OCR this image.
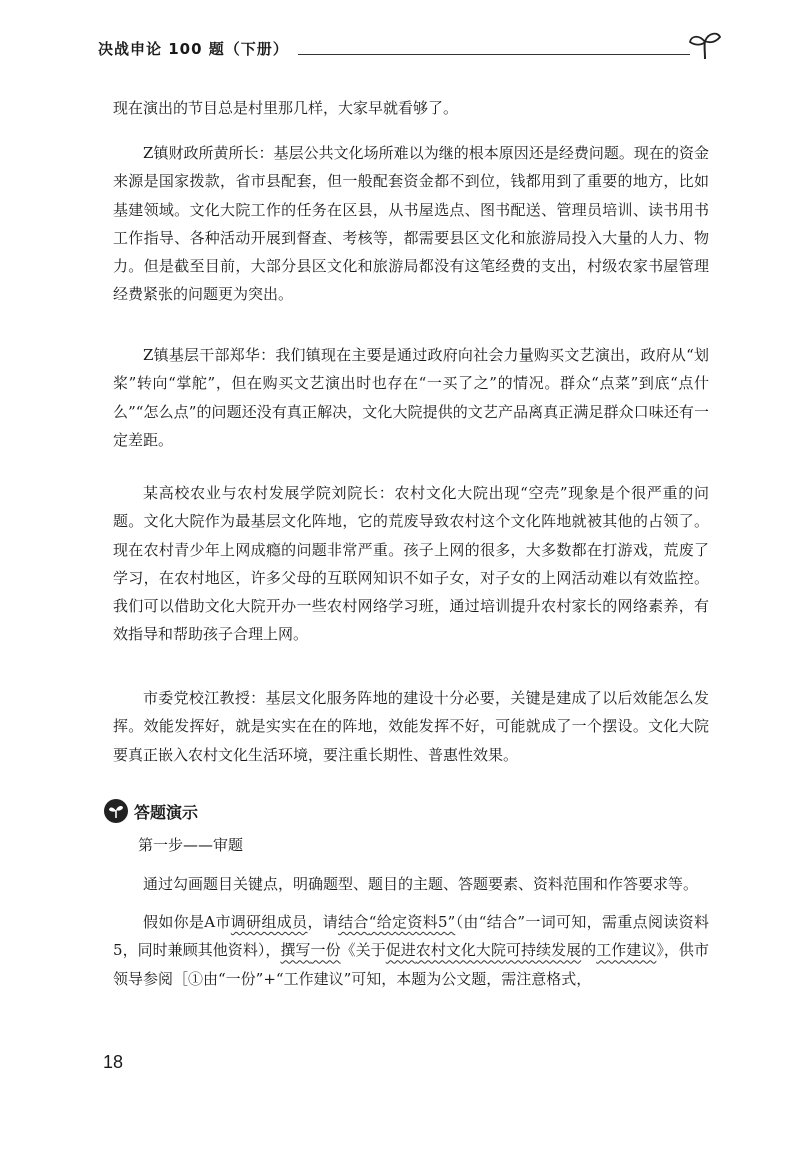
决战申论 100 题（下册）

现在演出的节目总是村里那几样，大家早就看够了。

Z镇财政所黄所长：基层公共文化场所难以为继的根本原因还是经费问题。现在的资金来源是国家拨款，省市县配套，但一般配套资金都不到位，钱都用到了重要的地方，比如基建领域。文化大院工作的任务在区县，从书屋选点、图书配送、管理员培训、读书用书工作指导、各种活动开展到督查、考核等，都需要县区文化和旅游局投入大量的人力、物力。但是截至目前，大部分县区文化和旅游局都没有这笔经费的支出，村级农家书屋管理经费紧张的问题更为突出。

Z镇基层干部郑华：我们镇现在主要是通过政府向社会力量购买文艺演出，政府从“划桨”转向“掌舵”，但在购买文艺演出时也存在“一买了之”的情况。群众“点菜”到底“点什么”“怎么点”的问题还没有真正解决，文化大院提供的文艺产品离真正满足群众口味还有一定差距。

某高校农业与农村发展学院刘院长：农村文化大院出现“空壳”现象是个很严重的问题。文化大院作为最基层文化阵地，它的荒废导致农村这个文化阵地就被其他的占领了。现在农村青少年上网成瘾的问题非常严重。孩子上网的很多，大多数都在打游戏，荒废了学习，在农村地区，许多父母的互联网知识不如子女，对子女的上网活动难以有效监控。我们可以借助文化大院开办一些农村网络学习班，通过培训提升农村家长的网络素养，有效指导和帮助孩子合理上网。

市委党校江教授：基层文化服务阵地的建设十分必要，关键是建成了以后效能怎么发挥。效能发挥好，就是实实在在的阵地，效能发挥不好，可能就成了一个摆设。文化大院要真正嵌入农村文化生活环境，要注重长期性、普惠性效果。

答题演示
第一步——审题

通过勾画题目关键点，明确题型、题目的主题、答题要素、资料范围和作答要求等。

假如你是A市调研组成员，请结合“给定资料5”（由“结合”一词可知，需重点阅读资料5，同时兼顾其他资料），撰写一份《关于促进农村文化大院可持续发展的工作建议》，供市领导参阅［①由“一份”+“工作建议”可知，本题为公文题，需注意格式，

18
